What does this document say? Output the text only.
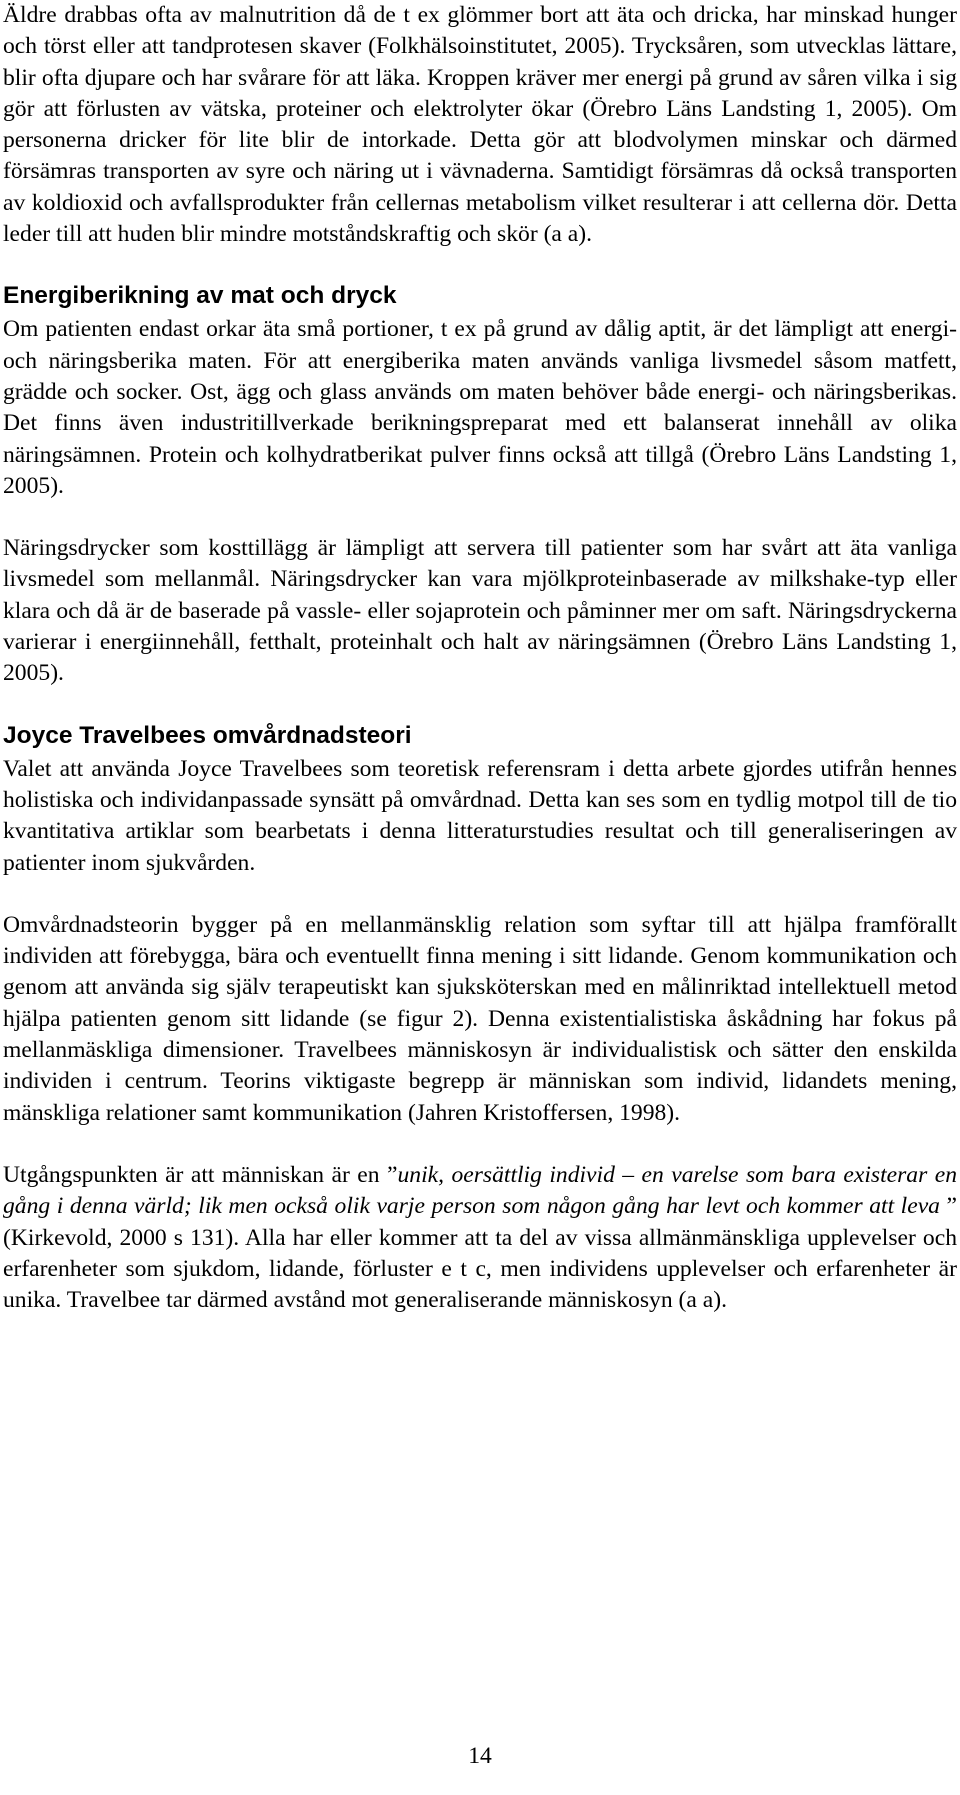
Äldre drabbas ofta av malnutrition då de t ex glömmer bort att äta och dricka, har minskad hunger och törst eller att tandprotesen skaver (Folkhälsoinstitutet, 2005). Trycksåren, som utvecklas lättare, blir ofta djupare och har svårare för att läka. Kroppen kräver mer energi på grund av såren vilka i sig gör att förlusten av vätska, proteiner och elektrolyter ökar (Örebro Läns Landsting 1, 2005). Om personerna dricker för lite blir de intorkade. Detta gör att blodvolymen minskar och därmed försämras transporten av syre och näring ut i vävnaderna. Samtidigt försämras då också transporten av koldioxid och avfallsprodukter från cellernas metabolism vilket resulterar i att cellerna dör. Detta leder till att huden blir mindre motståndskraftig och skör (a a).

Energiberikning av mat och dryck

Om patienten endast orkar äta små portioner, t ex på grund av dålig aptit, är det lämpligt att energi- och näringsberika maten. För att energiberika maten används vanliga livsmedel såsom matfett, grädde och socker. Ost, ägg och glass används om maten behöver både energi- och näringsberikas. Det finns även industritillverkade berikningspreparat med ett balanserat innehåll av olika näringsämnen. Protein och kolhydratberikat pulver finns också att tillgå (Örebro Läns Landsting 1, 2005).

Näringsdrycker som kosttillägg är lämpligt att servera till patienter som har svårt att äta vanliga livsmedel som mellanmål. Näringsdrycker kan vara mjölkproteinbaserade av milkshake-typ eller klara och då är de baserade på vassle- eller sojaprotein och påminner mer om saft. Näringsdryckerna varierar i energiinnehåll, fetthalt, proteinhalt och halt av näringsämnen (Örebro Läns Landsting 1, 2005).

Joyce Travelbees omvårdnadsteori

Valet att använda Joyce Travelbees som teoretisk referensram i detta arbete gjordes utifrån hennes holistiska och individanpassade synsätt på omvårdnad. Detta kan ses som en tydlig motpol till de tio kvantitativa artiklar som bearbetats i denna litteraturstudies resultat och till generaliseringen av patienter inom sjukvården.

Omvårdnadsteorin bygger på en mellanmänsklig relation som syftar till att hjälpa framförallt individen att förebygga, bära och eventuellt finna mening i sitt lidande. Genom kommunikation och genom att använda sig själv terapeutiskt kan sjuksköterskan med en målinriktad intellektuell metod hjälpa patienten genom sitt lidande (se figur 2). Denna existentialistiska åskådning har fokus på mellanmäskliga dimensioner. Travelbees människosyn är individualistisk och sätter den enskilda individen i centrum. Teorins viktigaste begrepp är människan som individ, lidandets mening, mänskliga relationer samt kommunikation (Jahren Kristoffersen, 1998).

Utgångspunkten är att människan är en ”unik, oersättlig individ – en varelse som bara existerar en gång i denna värld; lik men också olik varje person som någon gång har levt och kommer att leva ” (Kirkevold, 2000 s 131). Alla har eller kommer att ta del av vissa allmänmänskliga upplevelser och erfarenheter som sjukdom, lidande, förluster e t c, men individens upplevelser och erfarenheter är unika. Travelbee tar därmed avstånd mot generaliserande människosyn (a a).

14
